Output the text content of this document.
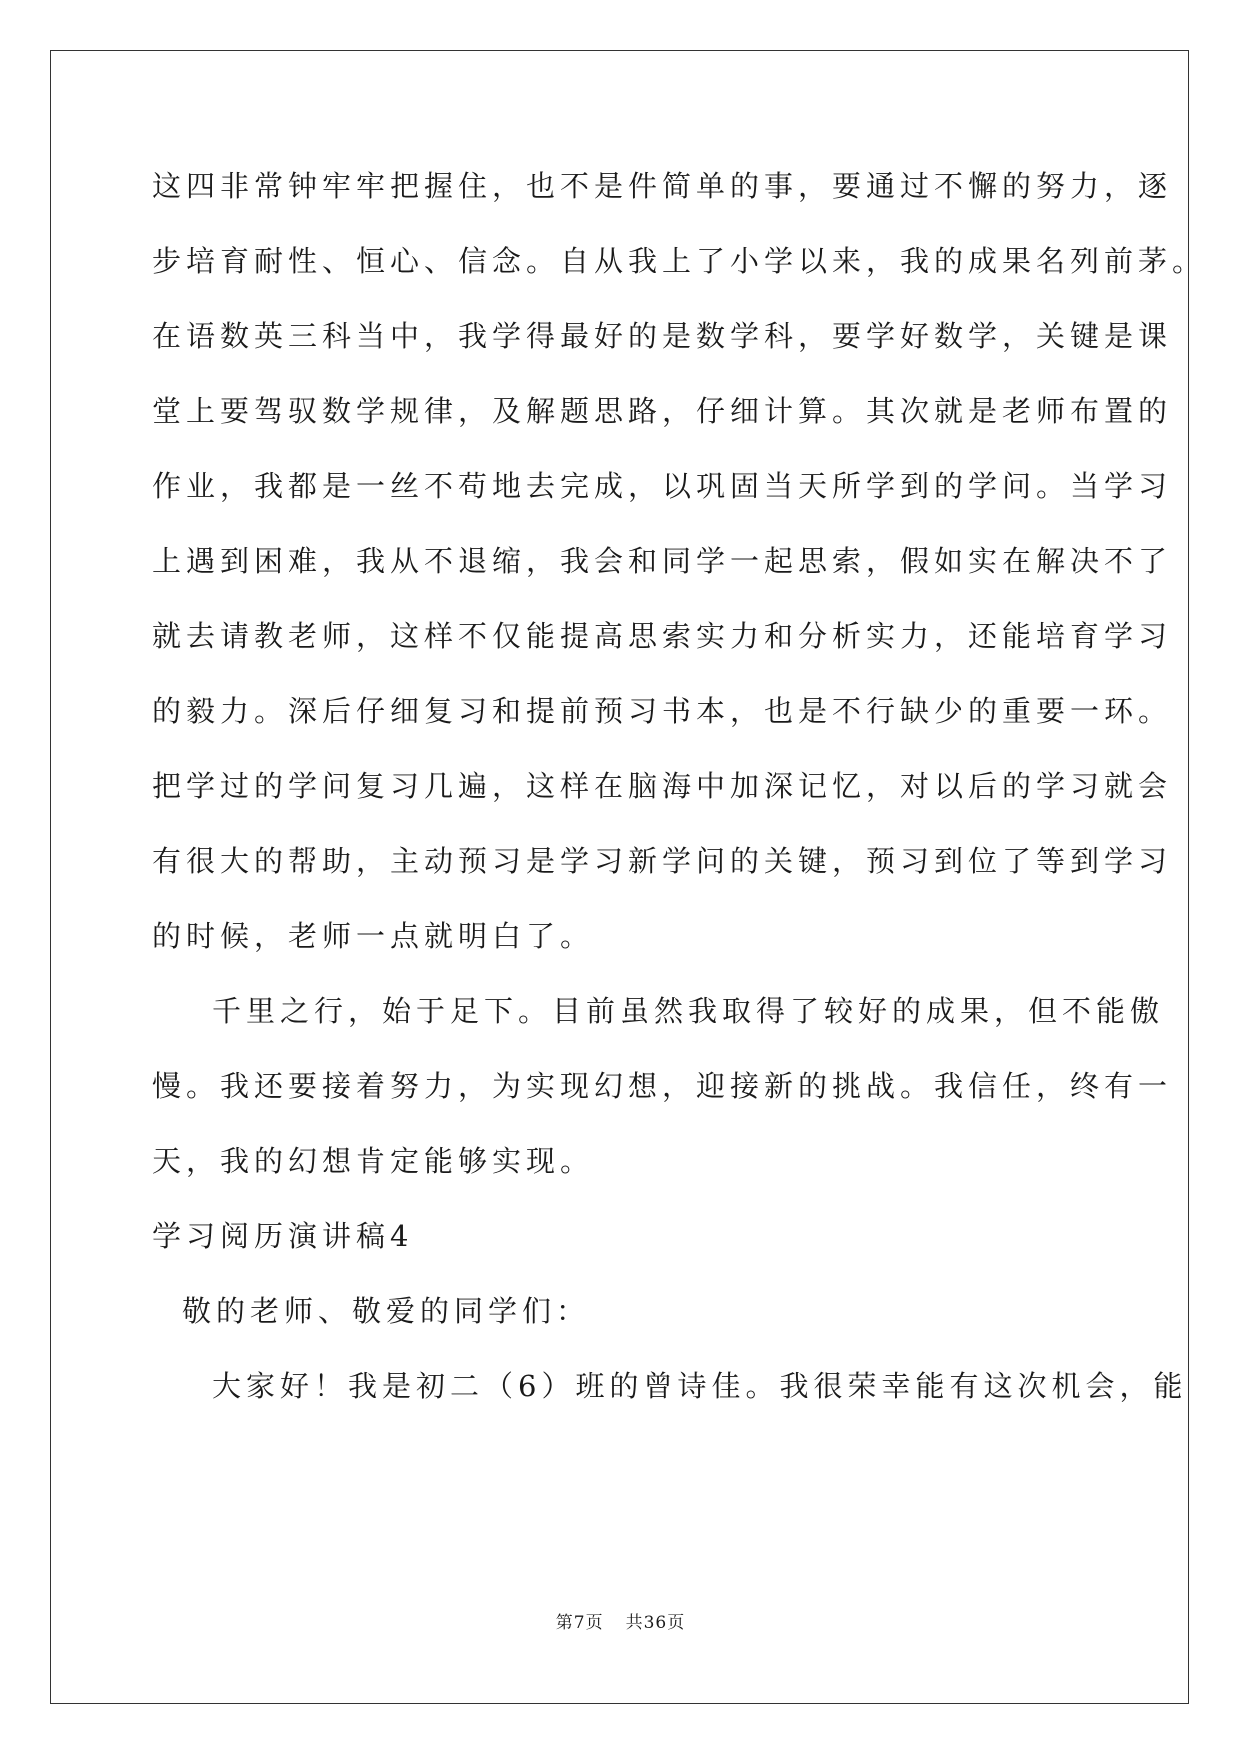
这四非常钟牢牢把握住，也不是件简单的事，要通过不懈的努力，逐
步培育耐性、恒心、信念。自从我上了小学以来，我的成果名列前茅。
在语数英三科当中，我学得最好的是数学科，要学好数学，关键是课
堂上要驾驭数学规律，及解题思路，仔细计算。其次就是老师布置的
作业，我都是一丝不苟地去完成，以巩固当天所学到的学问。当学习
上遇到困难，我从不退缩，我会和同学一起思索，假如实在解决不了
就去请教老师，这样不仅能提高思索实力和分析实力，还能培育学习
的毅力。深后仔细复习和提前预习书本，也是不行缺少的重要一环。
把学过的学问复习几遍，这样在脑海中加深记忆，对以后的学习就会
有很大的帮助，主动预习是学习新学问的关键，预习到位了等到学习
的时候，老师一点就明白了。
千里之行，始于足下。目前虽然我取得了较好的成果，但不能傲
慢。我还要接着努力，为实现幻想，迎接新的挑战。我信任，终有一
天，我的幻想肯定能够实现。
学习阅历演讲稿4
敬的老师、敬爱的同学们：
大家好！我是初二（6）班的曾诗佳。我很荣幸能有这次机会，能
第7页 共36页
